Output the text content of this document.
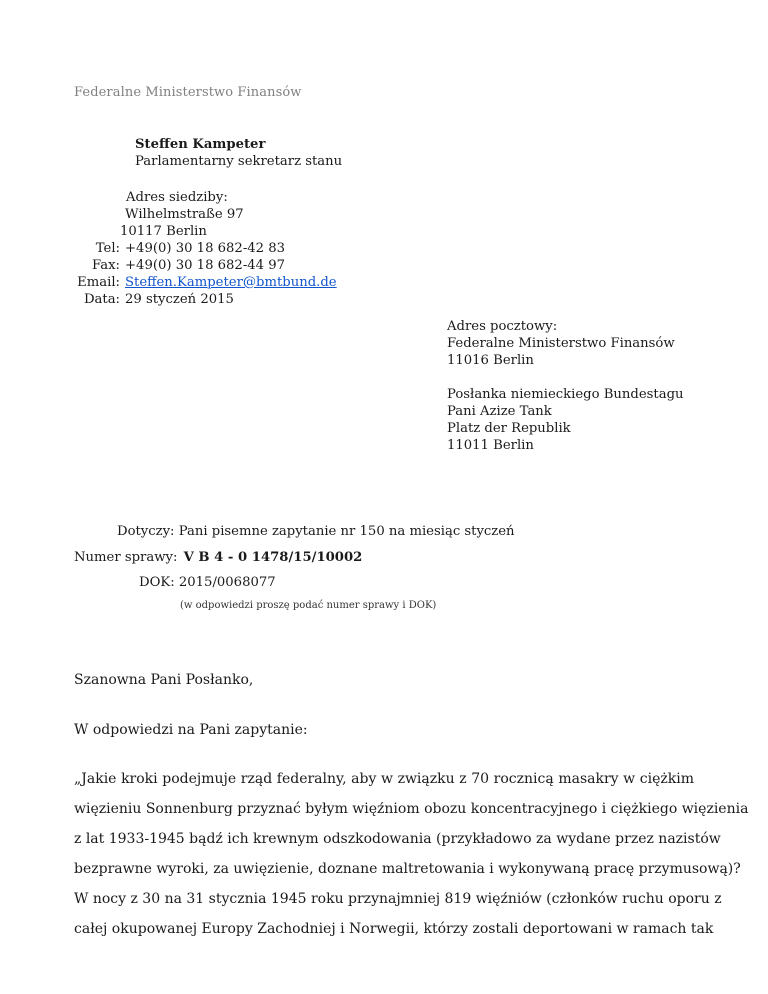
Federalne Ministerstwo Finansów
Steffen Kampeter
Parlamentarny sekretarz stanu
Adres siedziby:
Wilhelmstraße 97
10117 Berlin
Tel: +49(0) 30 18 682-42 83
Fax: +49(0) 30 18 682-44 97
Email: Steffen.Kampeter@bmtbund.de
Data: 29 styczeń 2015
Adres pocztowy:
Federalne Ministerstwo Finansów
11016 Berlin
Posłanka niemieckiego Bundestagu
Pani Azize Tank
Platz der Republik
11011 Berlin
Dotyczy: Pani pisemne zapytanie nr 150 na miesiąc styczeń
Numer sprawy: V B 4 - 0 1478/15/10002
DOK: 2015/0068077
(w odpowiedzi proszę podać numer sprawy i DOK)
Szanowna Pani Posłanko,
W odpowiedzi na Pani zapytanie:
„Jakie kroki podejmuje rząd federalny, aby w związku z 70 rocznicą masakry w ciężkim
więzieniu Sonnenburg przyznać byłym więźniom obozu koncentracyjnego i ciężkiego więzienia
z lat 1933-1945 bądź ich krewnym odszkodowania (przykładowo za wydane przez nazistów
bezprawne wyroki, za uwięzienie, doznane maltretowania i wykonywaną pracę przymusową)?
W nocy z 30 na 31 stycznia 1945 roku przynajmniej 819 więźniów (członków ruchu oporu z
całej okupowanej Europy Zachodniej i Norwegii, którzy zostali deportowani w ramach tak
